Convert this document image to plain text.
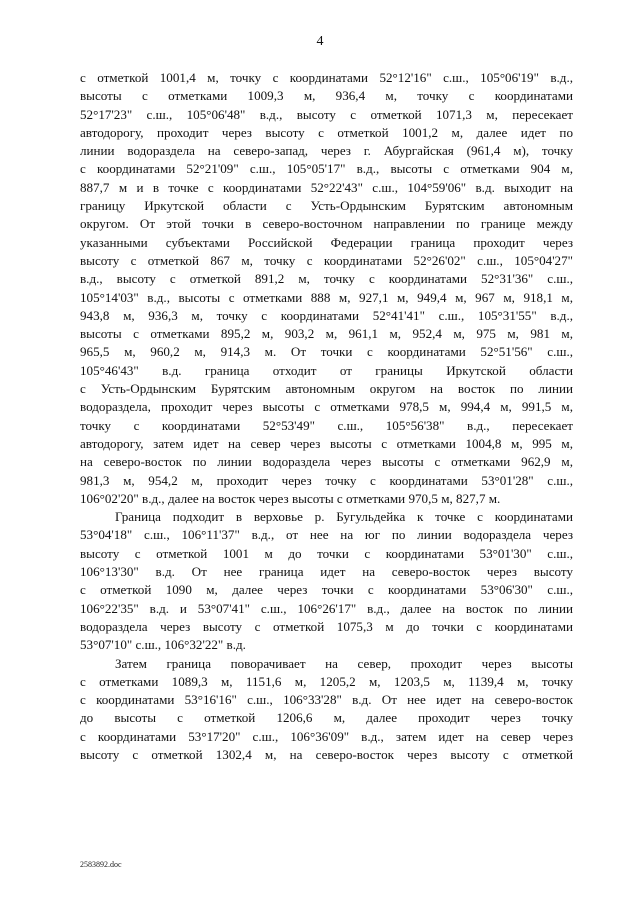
4
с отметкой 1001,4 м, точку с координатами 52°12'16" с.ш., 105°06'19" в.д.,
высоты с отметками 1009,3 м, 936,4 м, точку с координатами
52°17'23" с.ш., 105°06'48" в.д., высоту с отметкой 1071,3 м, пересекает
автодорогу, проходит через высоту с отметкой 1001,2 м, далее идет по
линии водораздела на северо-запад, через г. Абургайская (961,4 м), точку
с координатами 52°21'09" с.ш., 105°05'17" в.д., высоты с отметками 904 м,
887,7 м и в точке с координатами 52°22'43" с.ш., 104°59'06" в.д. выходит на
границу Иркутской области с Усть-Ордынским Бурятским автономным
округом. От этой точки в северо-восточном направлении по границе между
указанными субъектами Российской Федерации граница проходит через
высоту с отметкой 867 м, точку с координатами 52°26'02" с.ш., 105°04'27"
в.д., высоту с отметкой 891,2 м, точку с координатами 52°31'36" с.ш.,
105°14'03" в.д., высоты с отметками 888 м, 927,1 м, 949,4 м, 967 м, 918,1 м,
943,8 м, 936,3 м, точку с координатами 52°41'41" с.ш., 105°31'55" в.д.,
высоты с отметками 895,2 м, 903,2 м, 961,1 м, 952,4 м, 975 м, 981 м,
965,5 м, 960,2 м, 914,3 м. От точки с координатами 52°51'56" с.ш.,
105°46'43" в.д. граница отходит от границы Иркутской области
с Усть-Ордынским Бурятским автономным округом на восток по линии
водораздела, проходит через высоты с отметками 978,5 м, 994,4 м, 991,5 м,
точку с координатами 52°53'49" с.ш., 105°56'38" в.д., пересекает
автодорогу, затем идет на север через высоты с отметками 1004,8 м, 995 м,
на северо-восток по линии водораздела через высоты с отметками 962,9 м,
981,3 м, 954,2 м, проходит через точку с координатами 53°01'28" с.ш.,
106°02'20" в.д., далее на восток через высоты с отметками 970,5 м, 827,7 м.
Граница подходит в верховье р. Бугульдейка к точке с координатами
53°04'18" с.ш., 106°11'37" в.д., от нее на юг по линии водораздела через
высоту с отметкой 1001 м до точки с координатами 53°01'30" с.ш.,
106°13'30" в.д. От нее граница идет на северо-восток через высоту
с отметкой 1090 м, далее через точки с координатами 53°06'30" с.ш.,
106°22'35" в.д. и 53°07'41" с.ш., 106°26'17" в.д., далее на восток по линии
водораздела через высоту с отметкой 1075,3 м до точки с координатами
53°07'10" с.ш., 106°32'22" в.д.
Затем граница поворачивает на север, проходит через высоты
с отметками 1089,3 м, 1151,6 м, 1205,2 м, 1203,5 м, 1139,4 м, точку
с координатами 53°16'16" с.ш., 106°33'28" в.д. От нее идет на северо-восток
до высоты с отметкой 1206,6 м, далее проходит через точку
с координатами 53°17'20" с.ш., 106°36'09" в.д., затем идет на север через
высоту с отметкой 1302,4 м, на северо-восток через высоту с отметкой
2583892.doc
